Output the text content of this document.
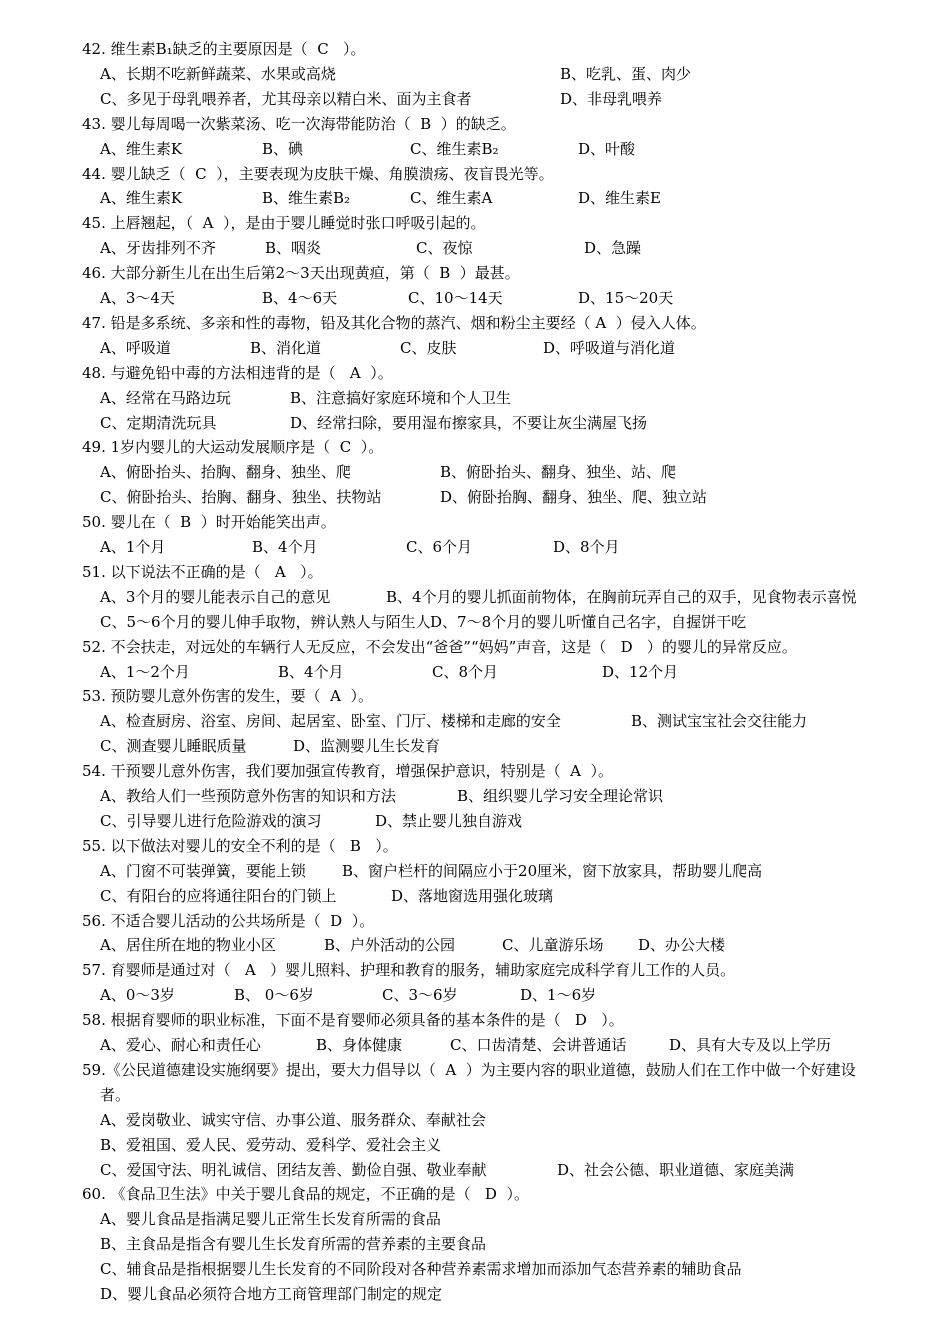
42. 维生素B₁缺乏的主要原因是（  C   ）。
A、长期不吃新鲜蔬菜、水果或高烧	B、吃乳、蛋、肉少
C、多见于母乳喂养者，尤其母亲以精白米、面为主食者	D、非母乳喂养
43. 婴儿每周喝一次紫菜汤、吃一次海带能防治（  B  ）的缺乏。
A、维生素K	B、碘	C、维生素B₂	D、叶酸
44. 婴儿缺乏（  C  ），主要表现为皮肤干燥、角膜溃疡、夜盲畏光等。
A、维生素K	B、维生素B₂	C、维生素A	D、维生素E
45. 上唇翘起，（  A  ），是由于婴儿睡觉时张口呼吸引起的。
A、牙齿排列不齐	B、咽炎	C、夜惊	D、急躁
46. 大部分新生儿在出生后第2～3天出现黄疸，第（  B  ）最甚。
A、3～4天	B、4～6天	C、10～14天	D、15～20天
47. 铅是多系统、多亲和性的毒物，铅及其化合物的蒸汽、烟和粉尘主要经（ A  ）侵入人体。
A、呼吸道	B、消化道	C、皮肤	D、呼吸道与消化道
48. 与避免铅中毒的方法相违背的是（   A  ）。
A、经常在马路边玩	B、注意搞好家庭环境和个人卫生
C、定期清洗玩具	D、经常扫除，要用湿布擦家具，不要让灰尘满屋飞扬
49. 1岁内婴儿的大运动发展顺序是（  C  ）。
A、俯卧抬头、抬胸、翻身、独坐、爬	B、俯卧抬头、翻身、独坐、站、爬
C、俯卧抬头、抬胸、翻身、独坐、扶物站	D、俯卧抬胸、翻身、独坐、爬、独立站
50. 婴儿在（  B  ）时开始能笑出声。
A、1个月	B、4个月	C、6个月	D、8个月
51. 以下说法不正确的是（   A   ）。
A、3个月的婴儿能表示自己的意见	B、4个月的婴儿抓面前物体，在胸前玩弄自己的双手，见食物表示喜悦
C、5～6个月的婴儿伸手取物，辨认熟人与陌生人 D、7～8个月的婴儿听懂自己名字，自握饼干吃
52. 不会扶走，对远处的车辆行人无反应，不会发出“爸爸”“妈妈”声音，这是（   D   ）的婴儿的异常反应。
A、1～2个月	B、4个月	C、8个月	D、12个月
53. 预防婴儿意外伤害的发生，要（  A  ）。
A、检查厨房、浴室、房间、起居室、卧室、门厅、楼梯和走廊的安全	B、测试宝宝社会交往能力
C、测查婴儿睡眠质量	D、监测婴儿生长发育
54. 干预婴儿意外伤害，我们要加强宣传教育，增强保护意识，特别是（  A  ）。
A、教给人们一些预防意外伤害的知识和方法	B、组织婴儿学习安全理论常识
C、引导婴儿进行危险游戏的演习	D、禁止婴儿独自游戏
55. 以下做法对婴儿的安全不利的是（   B   ）。
A、门窗不可装弹簧，要能上锁 B、窗户栏杆的间隔应小于20厘米，窗下放家具，帮助婴儿爬高
C、有阳台的应将通往阳台的门锁上	D、落地窗选用强化玻璃
56. 不适合婴儿活动的公共场所是（  D  ）。
A、居住所在地的物业小区	B、户外活动的公园	C、儿童游乐场 D、办公大楼
57. 育婴师是通过对（   A   ）婴儿照料、护理和教育的服务，辅助家庭完成科学育儿工作的人员。
A、0～3岁	B、 0～6岁	C、3～6岁	D、1～6岁
58. 根据育婴师的职业标准，下面不是育婴师必须具备的基本条件的是（   D   ）。
A、爱心、耐心和责任心	B、身体健康	C、口齿清楚、会讲普通话	D、具有大专及以上学历
59.《公民道德建设实施纲要》提出，要大力倡导以（  A  ）为主要内容的职业道德，鼓励人们在工作中做一个好建设
者。
A、爱岗敬业、诚实守信、办事公道、服务群众、奉献社会
B、爱祖国、爱人民、爱劳动、爱科学、爱社会主义
C、爱国守法、明礼诚信、团结友善、勤俭自强、敬业奉献	D、社会公德、职业道德、家庭美满
60. 《食品卫生法》中关于婴儿食品的规定，不正确的是（   D  ）。
A、婴儿食品是指满足婴儿正常生长发育所需的食品
B、主食品是指含有婴儿生长发育所需的营养素的主要食品
C、辅食品是指根据婴儿生长发育的不同阶段对各种营养素需求增加而添加气态营养素的辅助食品
D、婴儿食品必须符合地方工商管理部门制定的规定
